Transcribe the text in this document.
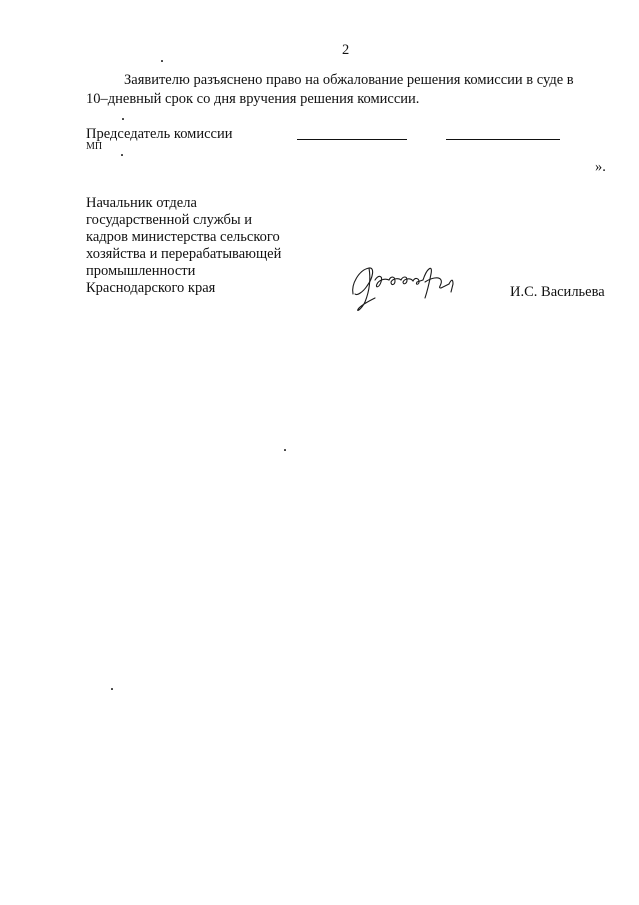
2
Заявителю разъяснено право на обжалование решения комиссии в суде в
10–дневный срок со дня вручения решения комиссии.
Председатель комиссии
МП
».
Начальник отдела
государственной службы и
кадров министерства сельского
хозяйства и перерабатывающей
промышленности
Краснодарского края	И.С. Васильева
